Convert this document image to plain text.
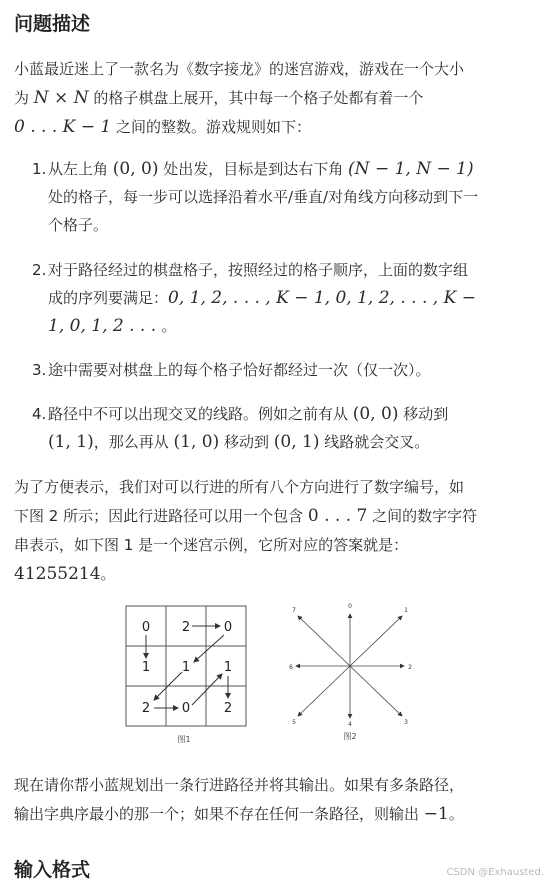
问题描述
小蓝最近迷上了一款名为《数字接龙》的迷宫游戏，游戏在一个大小
为 N × N 的格子棋盘上展开，其中每一个格子处都有着一个
0 . . . K − 1 之间的整数。游戏规则如下：
1. 从左上角 (0, 0) 处出发，目标是到达右下角 (N − 1, N − 1)
处的格子，每一步可以选择沿着水平/垂直/对角线方向移动到下一
个格子。
2. 对于路径经过的棋盘格子，按照经过的格子顺序，上面的数字组
成的序列要满足：0, 1, 2, . . . , K − 1, 0, 1, 2, . . . , K −
1, 0, 1, 2 . . . 。
3. 途中需要对棋盘上的每个格子恰好都经过一次（仅一次）。
4. 路径中不可以出现交叉的线路。例如之前有从 (0, 0) 移动到
(1, 1)，那么再从 (1, 0) 移动到 (0, 1) 线路就会交叉。
为了方便表示，我们对可以行进的所有八个方向进行了数字编号，如
下图 2 所示；因此行进路径可以用一个包含 0 . . . 7 之间的数字字符
串表示，如下图 1 是一个迷宫示例，它所对应的答案就是：
41255214。
0 2	0
1 1	1
2 0	2
图1
0
1
2
3
4
5
6
7
图2
现在请你帮小蓝规划出一条行进路径并将其输出。如果有多条路径，
输出字典序最小的那一个；如果不存在任何一条路径，则输出 −1。
输入格式	CSDN @Exhausted.
